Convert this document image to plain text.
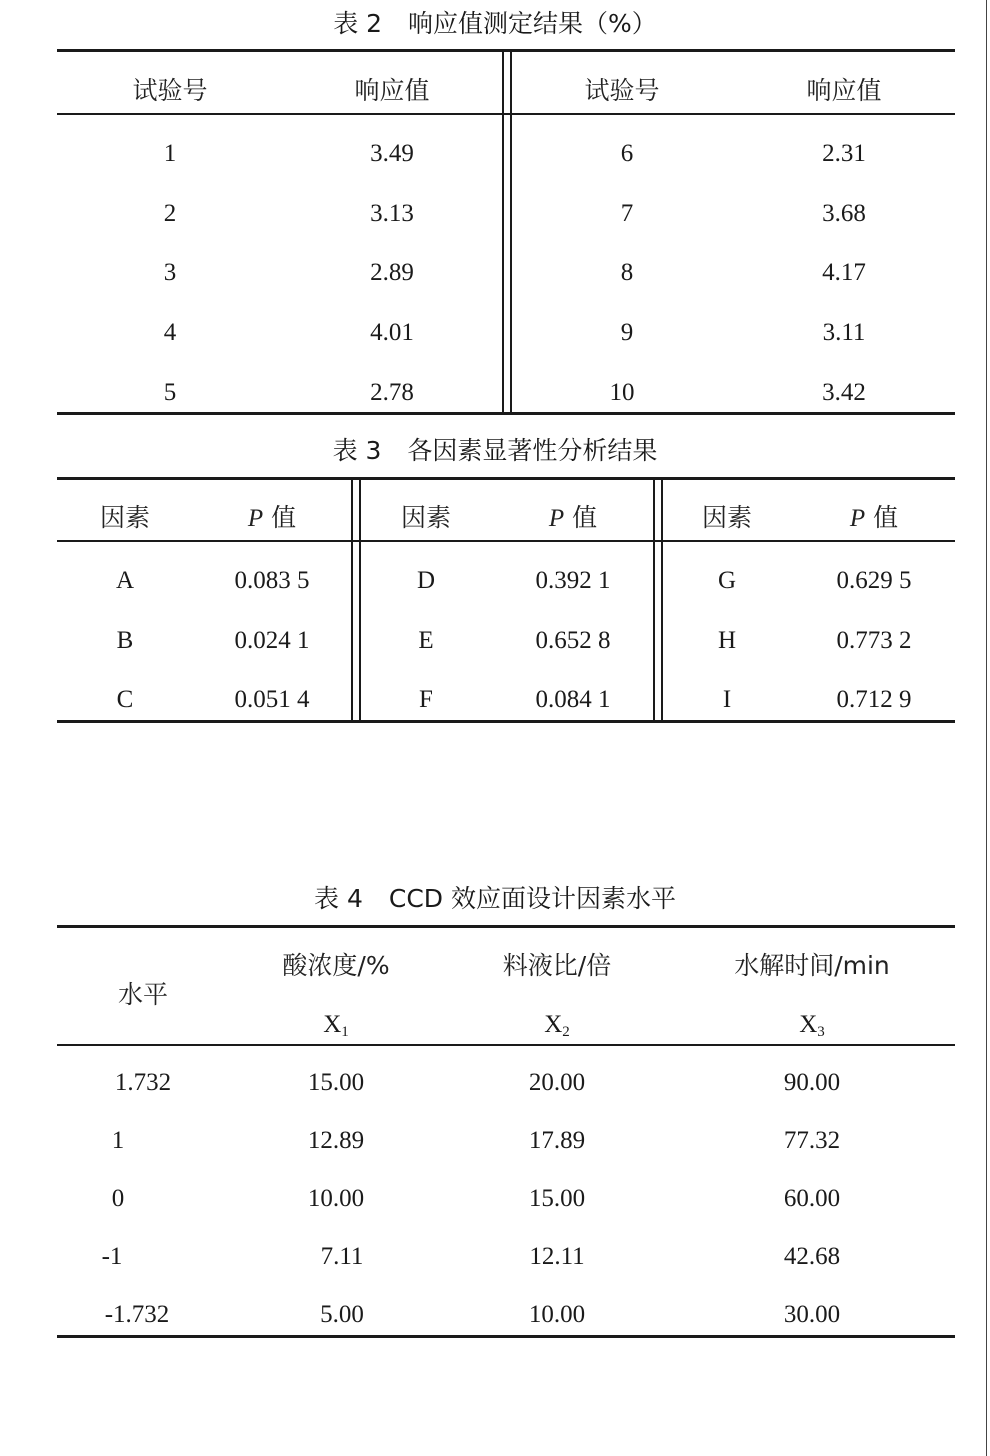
表 2 响应值测定结果（%）
试验号	响应值	试验号	响应值
1	3.49	6	2.31
2	3.13	7	3.68
3	2.89	8	4.17
4	4.01	9	3.11
5	2.78	10	3.42
表 3 各因素显著性分析结果
因素	P 值	因素	P 值	因素	P 值
A	0.083 5	D	0.392 1	G	0.629 5
B	0.024 1	E	0.652 8	H	0.773 2
C	0.051 4	F	0.084 1	I	0.712 9
表 4 CCD 效应面设计因素水平
水平
酸浓度/%	料液比/倍	水解时间/min
$X_1$	$X_2$	$X_3$
1.732	15.00	20.00	90.00
1	12.89	17.89	77.32
0	10.00	15.00	60.00
-1	7.11	12.11	42.68
-1.732	5.00	10.00	30.00
